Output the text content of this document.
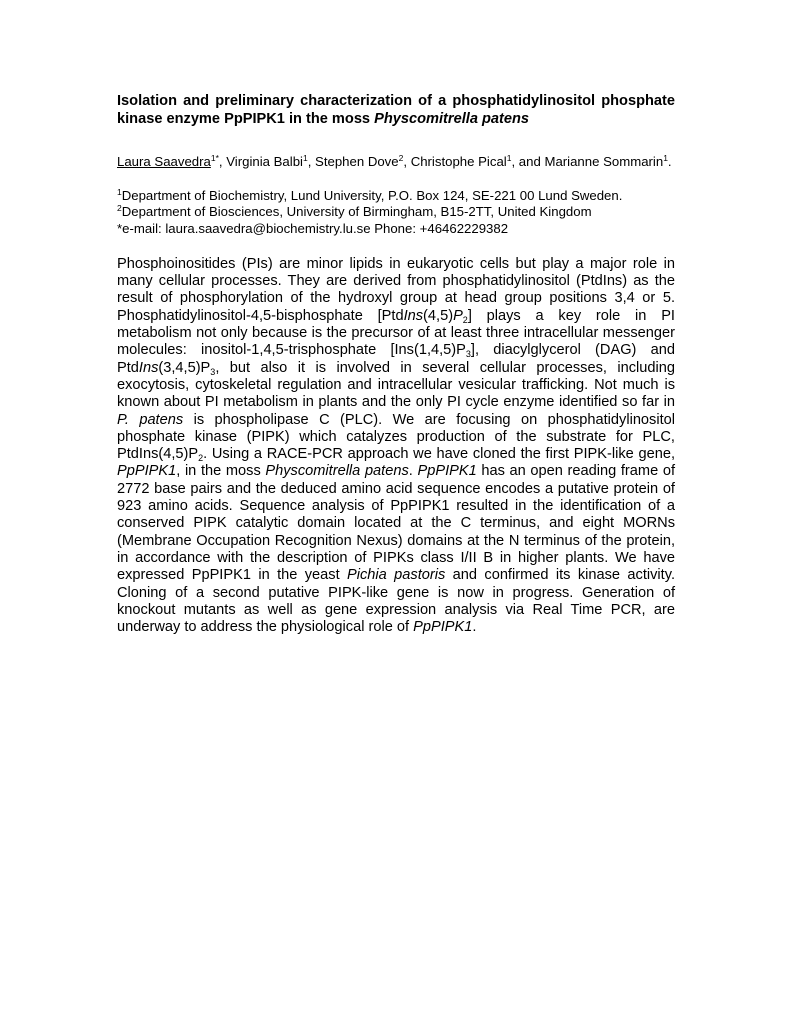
Isolation and preliminary characterization of a phosphatidylinositol phosphate kinase enzyme PpPIPK1 in the moss Physcomitrella patens

Laura Saavedra$^{1*}$, Virginia Balbi$^1$, Stephen Dove$^2$, Christophe Pical$^1$, and Marianne Sommarin$^1$.

$^1$Department of Biochemistry, Lund University, P.O. Box 124, SE-221 00 Lund Sweden.
$^2$Department of Biosciences, University of Birmingham, B15-2TT, United Kingdom
*e-mail: laura.saavedra@biochemistry.lu.se Phone: +46462229382

Phosphoinositides (PIs) are minor lipids in eukaryotic cells but play a major role in many cellular processes. They are derived from phosphatidylinositol (PtdIns) as the result of phosphorylation of the hydroxyl group at head group positions 3,4 or 5. Phosphatidylinositol-4,5-bisphosphate $[PtdIns(4,5)P_2]$ plays a key role in PI metabolism not only because is the precursor of at least three intracellular messenger molecules: inositol-1,4,5-trisphosphate $[Ins(1,4,5)P_3]$, diacylglycerol (DAG) and $PtdIns(3,4,5)P_3$, but also it is involved in several cellular processes, including exocytosis, cytoskeletal regulation and intracellular vesicular trafficking. Not much is known about PI metabolism in plants and the only PI cycle enzyme identified so far in P. patens is phospholipase C (PLC). We are focusing on phosphatidylinositol phosphate kinase (PIPK) which catalyzes production of the substrate for PLC, $PtdIns(4,5)P_2$. Using a RACE-PCR approach we have cloned the first PIPK-like gene, PpPIPK1, in the moss Physcomitrella patens. PpPIPK1 has an open reading frame of 2772 base pairs and the deduced amino acid sequence encodes a putative protein of 923 amino acids. Sequence analysis of PpPIPK1 resulted in the identification of a conserved PIPK catalytic domain located at the C terminus, and eight MORNs (Membrane Occupation Recognition Nexus) domains at the N terminus of the protein, in accordance with the description of PIPKs class I/II B in higher plants. We have expressed PpPIPK1 in the yeast Pichia pastoris and confirmed its kinase activity. Cloning of a second putative PIPK-like gene is now in progress. Generation of knockout mutants as well as gene expression analysis via Real Time PCR, are underway to address the physiological role of PpPIPK1.
